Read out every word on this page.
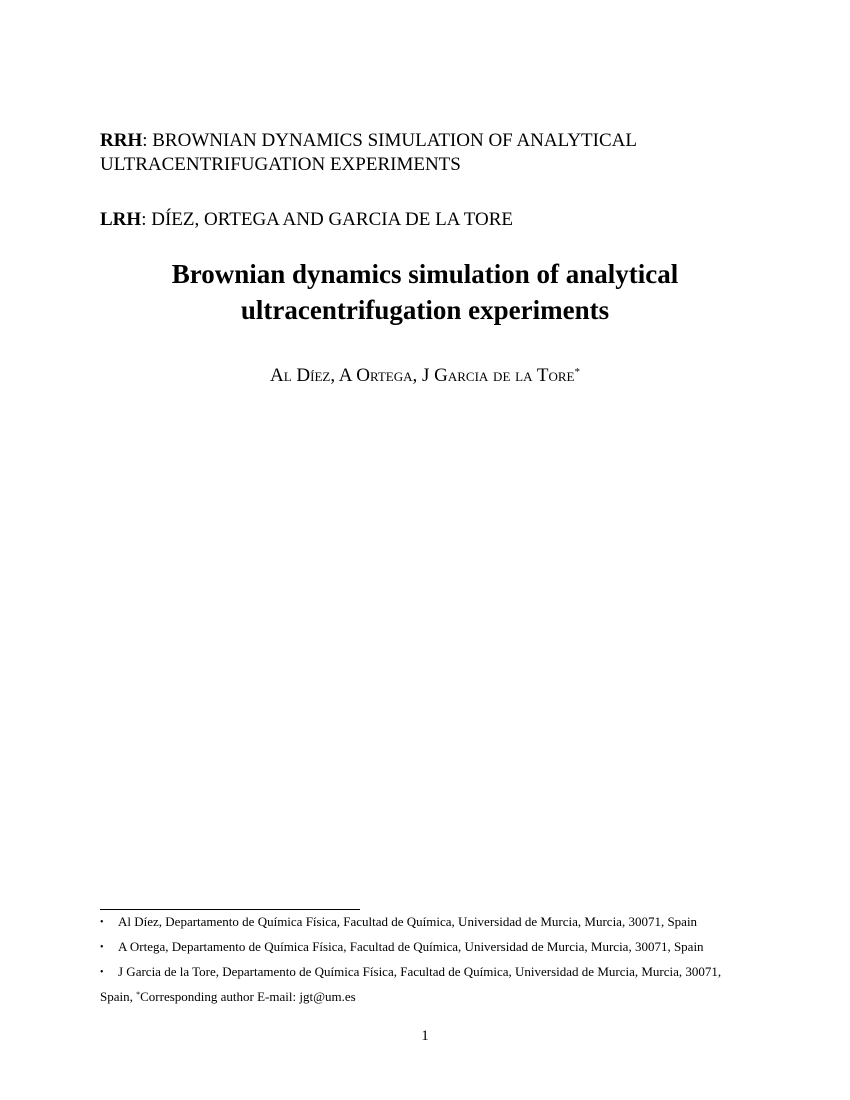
RRH: BROWNIAN DYNAMICS SIMULATION OF ANALYTICAL ULTRACENTRIFUGATION EXPERIMENTS
LRH: DÍEZ, ORTEGA AND GARCIA DE LA TORE
Brownian dynamics simulation of analytical
ultracentrifugation experiments
Al Díez, A Ortega, J Garcia de la Tore*
• Al Díez, Departamento de Química Física, Facultad de Química, Universidad de Murcia, Murcia, 30071, Spain
• A Ortega, Departamento de Química Física, Facultad de Química, Universidad de Murcia, Murcia, 30071, Spain
• J Garcia de la Tore, Departamento de Química Física, Facultad de Química, Universidad de Murcia, Murcia, 30071, Spain, *Corresponding author E-mail: jgt@um.es
1
